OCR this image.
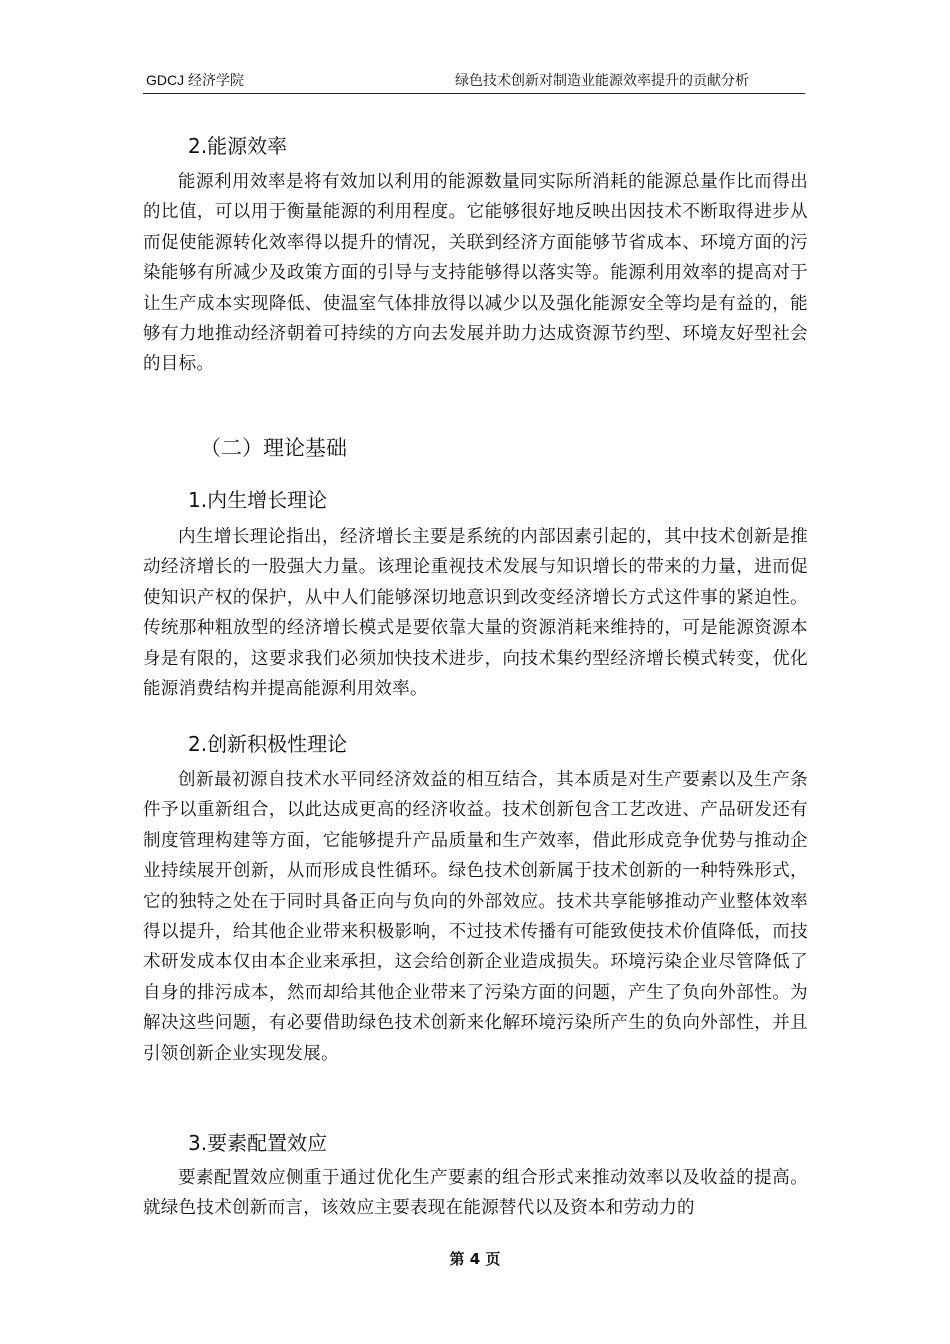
GDCJ 经济学院	绿色技术创新对制造业能源效率提升的贡献分析
2.能源效率
能源利用效率是将有效加以利用的能源数量同实际所消耗的能源总量作比而得出的比值，可以用于衡量能源的利用程度。它能够很好地反映出因技术不断取得进步从而促使能源转化效率得以提升的情况，关联到经济方面能够节省成本、环境方面的污染能够有所减少及政策方面的引导与支持能够得以落实等。能源利用效率的提高对于让生产成本实现降低、使温室气体排放得以减少以及强化能源安全等均是有益的，能够有力地推动经济朝着可持续的方向去发展并助力达成资源节约型、环境友好型社会的目标。
（二）理论基础
1.内生增长理论
内生增长理论指出，经济增长主要是系统的内部因素引起的，其中技术创新是推动经济增长的一股强大力量。该理论重视技术发展与知识增长的带来的力量，进而促使知识产权的保护，从中人们能够深切地意识到改变经济增长方式这件事的紧迫性。传统那种粗放型的经济增长模式是要依靠大量的资源消耗来维持的，可是能源资源本身是有限的，这要求我们必须加快技术进步，向技术集约型经济增长模式转变，优化能源消费结构并提高能源利用效率。
2.创新积极性理论
创新最初源自技术水平同经济效益的相互结合，其本质是对生产要素以及生产条件予以重新组合，以此达成更高的经济收益。技术创新包含工艺改进、产品研发还有制度管理构建等方面，它能够提升产品质量和生产效率，借此形成竞争优势与推动企业持续展开创新，从而形成良性循环。绿色技术创新属于技术创新的一种特殊形式，它的独特之处在于同时具备正向与负向的外部效应。技术共享能够推动产业整体效率得以提升，给其他企业带来积极影响，不过技术传播有可能致使技术价值降低，而技术研发成本仅由本企业来承担，这会给创新企业造成损失。环境污染企业尽管降低了自身的排污成本，然而却给其他企业带来了污染方面的问题，产生了负向外部性。为解决这些问题，有必要借助绿色技术创新来化解环境污染所产生的负向外部性，并且引领创新企业实现发展。
3.要素配置效应
要素配置效应侧重于通过优化生产要素的组合形式来推动效率以及收益的提高。就绿色技术创新而言，该效应主要表现在能源替代以及资本和劳动力的
第 4 页
